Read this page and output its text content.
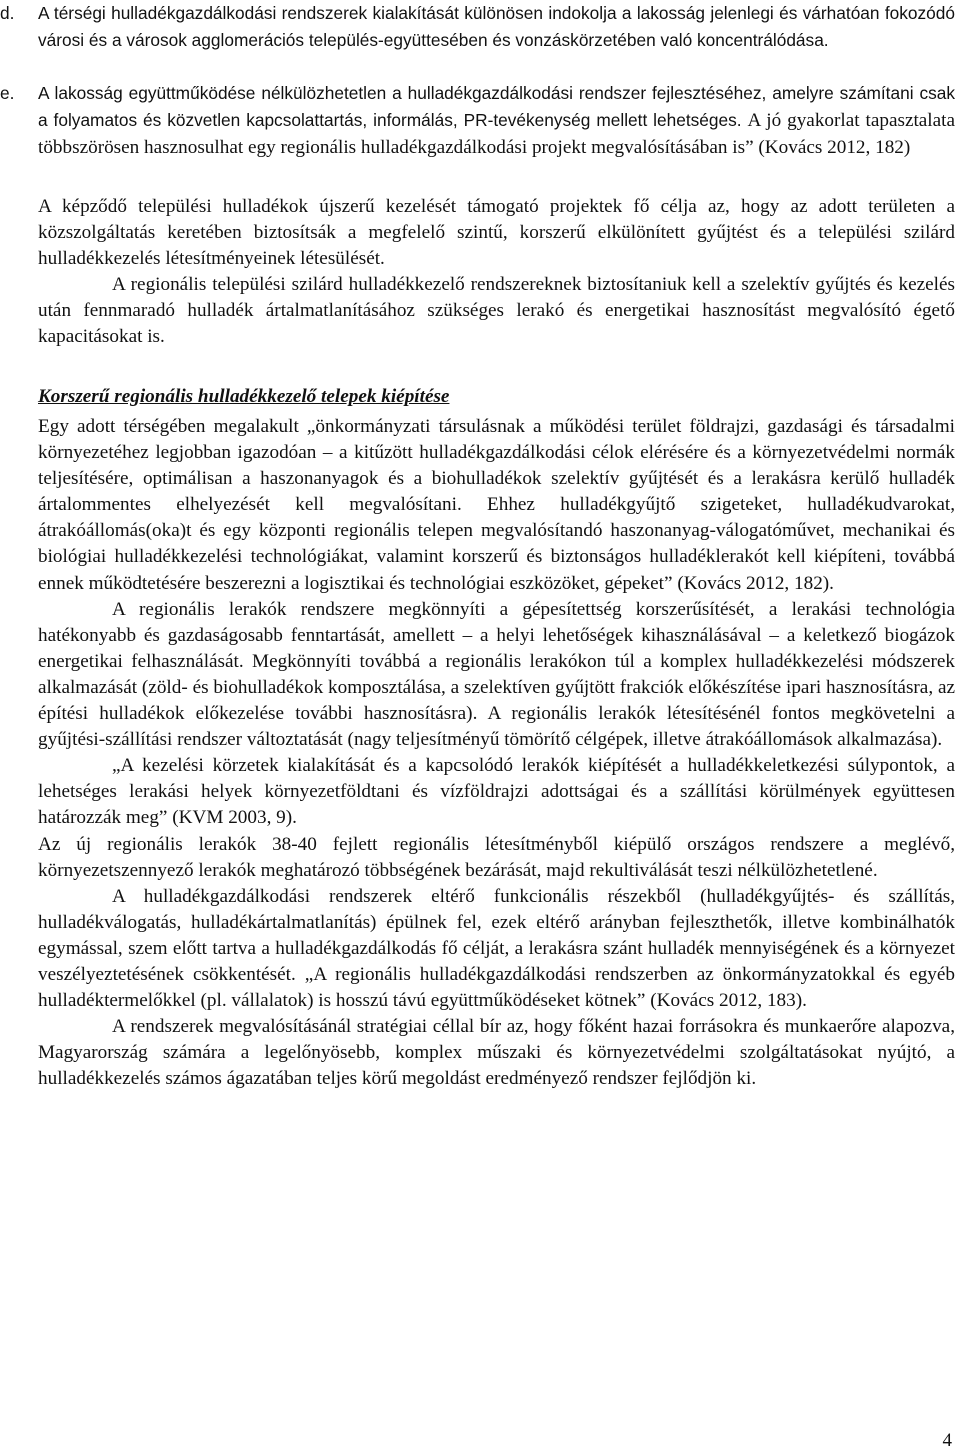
d.	A térségi hulladékgazdálkodási rendszerek kialakítását különösen indokolja a lakosság jelenlegi és várhatóan fokozódó városi és a városok agglomerációs település-együttesében és vonzáskörzetében való koncentrálódása.

e.	A lakosság együttműködése nélkülözhetetlen a hulladékgazdálkodási rendszer fejlesztéséhez, amelyre számítani csak a folyamatos és közvetlen kapcsolattartás, informálás, PR-tevékenység mellett lehetséges. A jó gyakorlat tapasztalata többszörösen hasznosulhat egy regionális hulladékgazdálkodási projekt megvalósításában is” (Kovács 2012, 182)

A képződő települési hulladékok újszerű kezelését támogató projektek fő célja az, hogy az adott területen a közszolgáltatás keretében biztosítsák a megfelelő szintű, korszerű elkülönített gyűjtést és a települési szilárd hulladékkezelés létesítményeinek létesülését.

A regionális települési szilárd hulladékkezelő rendszereknek biztosítaniuk kell a szelektív gyűjtés és kezelés után fennmaradó hulladék ártalmatlanításához szükséges lerakó és energetikai hasznosítást megvalósító égető kapacitásokat is.

Korszerű regionális hulladékkezelő telepek kiépítése

Egy adott térségében megalakult „önkormányzati társulásnak a működési terület földrajzi, gazdasági és társadalmi környezetéhez legjobban igazodóan – a kitűzött hulladékgazdálkodási célok elérésére és a környezetvédelmi normák teljesítésére, optimálisan a haszonanyagok és a biohulladékok szelektív gyűjtését és a lerakásra kerülő hulladék ártalommentes elhelyezését kell megvalósítani. Ehhez hulladékgyűjtő szigeteket, hulladékudvarokat, átrakóállomás(oka)t és egy központi regionális telepen megvalósítandó haszonanyag-válogatóművet, mechanikai és biológiai hulladékkezelési technológiákat, valamint korszerű és biztonságos hulladéklerakót kell kiépíteni, továbbá ennek működtetésére beszerezni a logisztikai és technológiai eszközöket, gépeket” (Kovács 2012, 182).

A regionális lerakók rendszere megkönnyíti a gépesítettség korszerűsítését, a lerakási technológia hatékonyabb és gazdaságosabb fenntartását, amellett – a helyi lehetőségek kihasználásával – a keletkező biogázok energetikai felhasználását. Megkönnyíti továbbá a regionális lerakókon túl a komplex hulladékkezelési módszerek alkalmazását (zöld- és biohulladékok komposztálása, a szelektíven gyűjtött frakciók előkészítése ipari hasznosításra, az építési hulladékok előkezelése további hasznosításra). A regionális lerakók létesítésénél fontos megkövetelni a gyűjtési-szállítási rendszer változtatását (nagy teljesítményű tömörítő célgépek, illetve átrakóállomások alkalmazása).

„A kezelési körzetek kialakítását és a kapcsolódó lerakók kiépítését a hulladékkeletkezési súlypontok, a lehetséges lerakási helyek környezetföldtani és vízföldrajzi adottságai és a szállítási körülmények együttesen határozzák meg” (KVM 2003, 9).

Az új regionális lerakók 38-40 fejlett regionális létesítményből kiépülő országos rendszere a meglévő, környezetszennyező lerakók meghatározó többségének bezárását, majd rekultiválását teszi nélkülözhetetlené.

A hulladékgazdálkodási rendszerek eltérő funkcionális részekből (hulladékgyűjtés- és szállítás, hulladékválogatás, hulladékártalmatlanítás) épülnek fel, ezek eltérő arányban fejleszthetők, illetve kombinálhatók egymással, szem előtt tartva a hulladékgazdálkodás fő célját, a lerakásra szánt hulladék mennyiségének és a környezet veszélyeztetésének csökkentését. „A regionális hulladékgazdálkodási rendszerben az önkormányzatokkal és egyéb hulladéktermelőkkel (pl. vállalatok) is hosszú távú együttműködéseket kötnek” (Kovács 2012, 183).

A rendszerek megvalósításánál stratégiai céllal bír az, hogy főként hazai forrásokra és munkaerőre alapozva, Magyarország számára a legelőnyösebb, komplex műszaki és környezetvédelmi szolgáltatásokat nyújtó, a hulladékkezelés számos ágazatában teljes körű megoldást eredményező rendszer fejlődjön ki.

4
